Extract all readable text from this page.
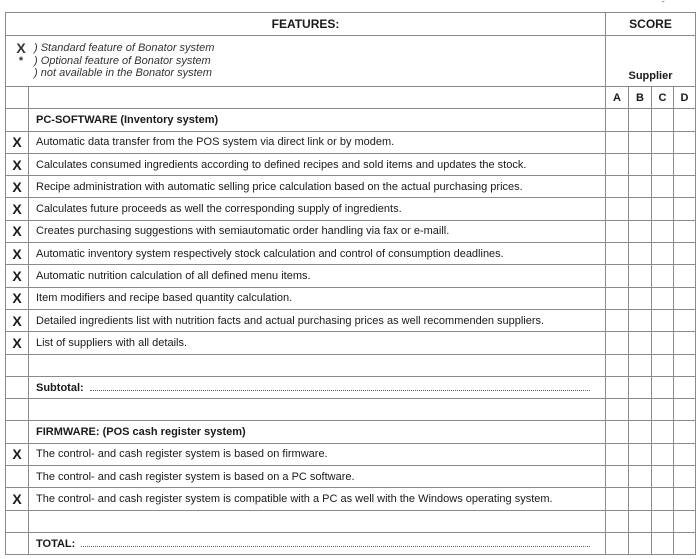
˘
FEATURES:		SCORE			

X ) Standard feature of Bonator system
* ) Optional feature of Bonator system
) not available in the Bonator system		Supplier			
		A	B	C	D
	PC-SOFTWARE (Inventory system)				
X	Automatic data transfer from the POS system via direct link or by modem.				
X	Calculates consumed ingredients according to defined recipes and sold items and updates the stock.				
X	Recipe administration with automatic selling price calculation based on the actual purchasing prices.				
X	Calculates future proceeds as well the corresponding supply of ingredients.				
X	Creates purchasing suggestions with semiautomatic order handling via fax or e-maill.				
X	Automatic inventory system respectively stock calculation and control of consumption deadlines.				
X	Automatic nutrition calculation of all defined menu items.				
X	Item modifiers and recipe based quantity calculation.				
X	Detailed ingredients list with nutrition facts and actual purchasing prices as well recommenden suppliers.				
X	List of suppliers with all details.				

	Subtotal:				

	FIRMWARE: (POS cash register system)				
X	The control- and cash register system is based on firmware.				
	The control- and cash register system is based on a PC software.				
X	The control- and cash register system is compatible with a PC as well with the Windows operating system.				

	TOTAL:				
